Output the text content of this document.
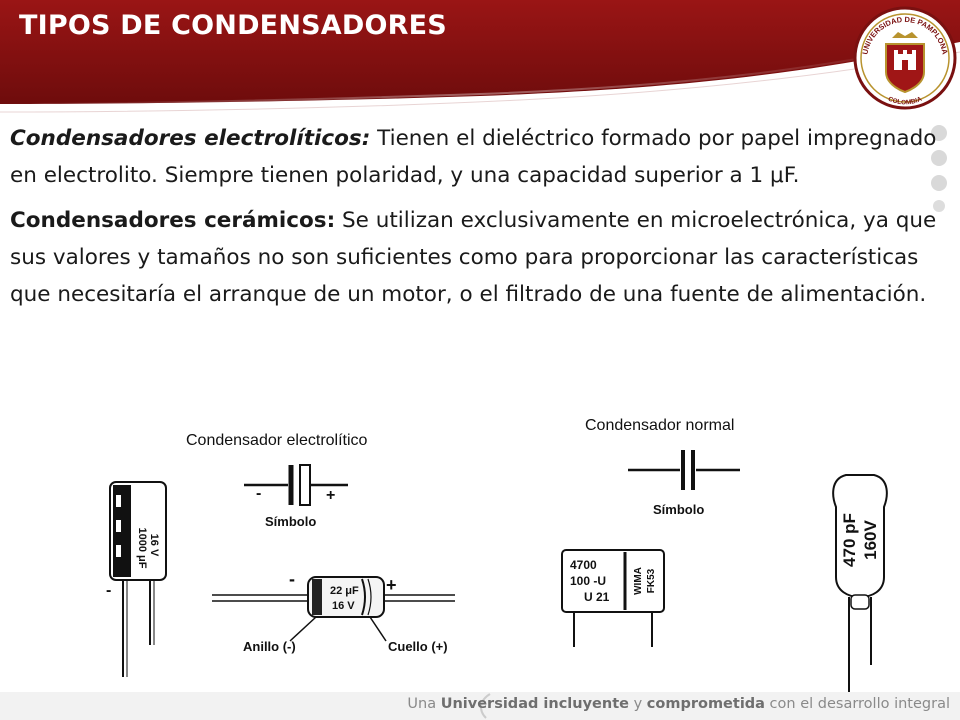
TIPOS DE CONDENSADORES
UNIVERSIDAD DE PAMPLONA
COLOMBIA

Condensadores electrolíticos: Tienen el dieléctrico formado por papel impregnado en electrolito. Siempre tienen polaridad, y una capacidad superior a 1 μF.

Condensadores cerámicos: Se utilizan exclusivamente en microelectrónica, ya que sus valores y tamaños no son suficientes como para proporcionar las características que necesitaría el arranque de un motor, o el filtrado de una fuente de alimentación.

Condensador electrolítico
-	+
Símbolo
1000 μF 16 V
-	22 μF
16 V
-	+
Anillo (-)	Cuello (+)
Condensador normal
Símbolo
4700
100 -U
U 21
WIMA FK53
470 pF 160V
Una Universidad incluyente y comprometida con el desarrollo integral
